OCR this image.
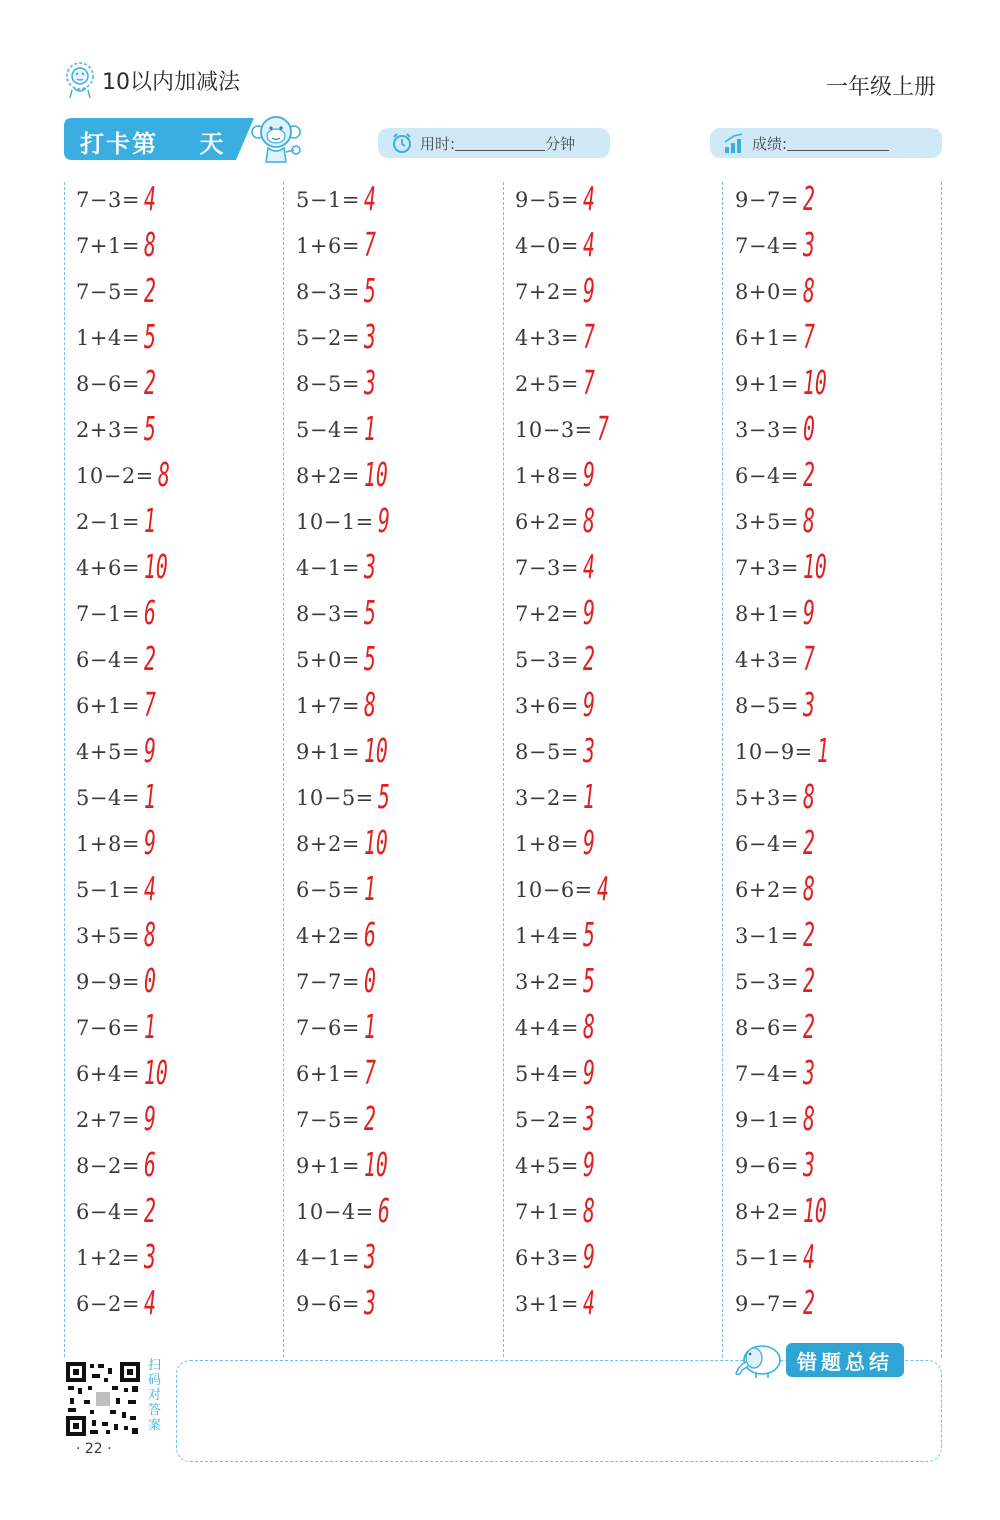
10以内加减法	一年级上册
打卡第    天	用时:	分钟	成绩:
7−3= 4
7+1= 8
7−5= 2
1+4= 5
8−6= 2
2+3= 5
10−2= 8
2−1= 1
4+6= 10
7−1= 6
6−4= 2
6+1= 7
4+5= 9
5−4= 1
1+8= 9
5−1= 4
3+5= 8
9−9= 0
7−6= 1
6+4= 10
2+7= 9
8−2= 6
6−4= 2
1+2= 3
6−2= 4
5−1= 4
1+6= 7
8−3= 5
5−2= 3
8−5= 3
5−4= 1
8+2= 10
10−1= 9
4−1= 3
8−3= 5
5+0= 5
1+7= 8
9+1= 10
10−5= 5
8+2= 10
6−5= 1
4+2= 6
7−7= 0
7−6= 1
6+1= 7
7−5= 2
9+1= 10
10−4= 6
4−1= 3
9−6= 3
9−5= 4
4−0= 4
7+2= 9
4+3= 7
2+5= 7
10−3= 7
1+8= 9
6+2= 8
7−3= 4
7+2= 9
5−3= 2
3+6= 9
8−5= 3
3−2= 1
1+8= 9
10−6= 4
1+4= 5
3+2= 5
4+4= 8
5+4= 9
5−2= 3
4+5= 9
7+1= 8
6+3= 9
3+1= 4
9−7= 2
7−4= 3
8+0= 8
6+1= 7
9+1= 10
3−3= 0
6−4= 2
3+5= 8
7+3= 10
8+1= 9
4+3= 7
8−5= 3
10−9= 1
5+3= 8
6−4= 2
6+2= 8
3−1= 2
5−3= 2
8−6= 2
7−4= 3
9−1= 8
9−6= 3
8+2= 10
5−1= 4
9−7= 2
扫码对答案
· 22 ·
错题总结
